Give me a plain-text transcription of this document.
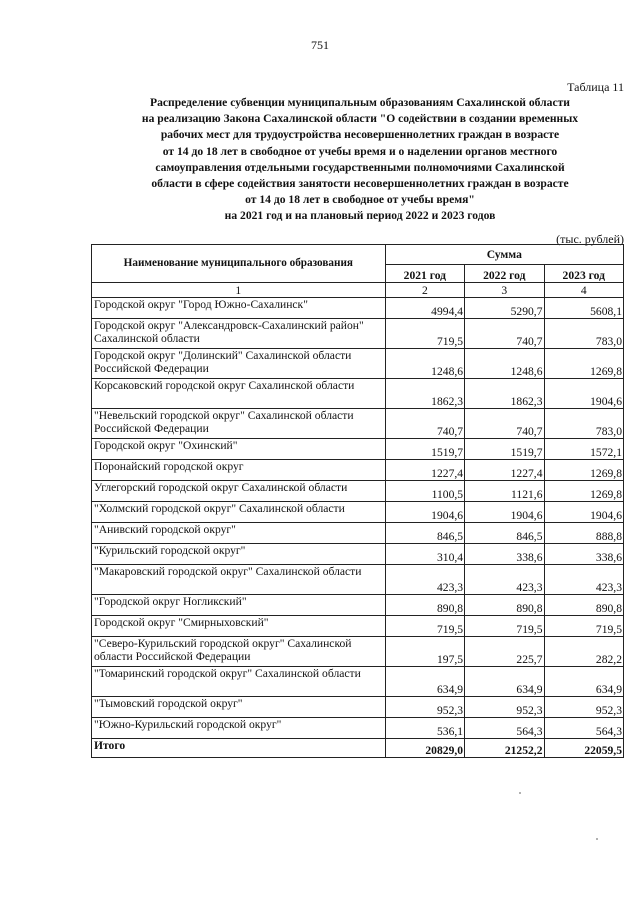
751
Таблица 11
Распределение субвенции муниципальным образованиям Сахалинской области
на реализацию Закона Сахалинской области "О содействии в создании временных
рабочих мест для трудоустройства несовершеннолетних граждан в возрасте
от 14 до 18 лет в свободное от учебы время и о наделении органов местного
самоуправления отдельными государственными полномочиями Сахалинской
области в сфере содействия занятости несовершеннолетних граждан в возрасте
от 14 до 18 лет в свободное от учебы время"
на 2021 год и на плановый период 2022 и 2023 годов
(тыс. рублей)
Наименование муниципального образования	Сумма		
	2021 год	2022 год	2023 год
1	2	3	4
Городской округ "Город Южно-Сахалинск"	4994,4	5290,7	5608,1
Городской округ "Александровск-Сахалинский район" Сахалинской области	719,5	740,7	783,0
Городской округ "Долинский" Сахалинской области Российской Федерации	1248,6	1248,6	1269,8
Корсаковский городской округ Сахалинской области	1862,3	1862,3	1904,6
"Невельский городской округ" Сахалинской области Российской Федерации	740,7	740,7	783,0
Городской округ "Охинский"	1519,7	1519,7	1572,1
Поронайский городской округ	1227,4	1227,4	1269,8
Углегорский городской округ Сахалинской области	1100,5	1121,6	1269,8
"Холмский городской округ" Сахалинской области	1904,6	1904,6	1904,6
"Анивский городской округ"	846,5	846,5	888,8
"Курильский городской округ"	310,4	338,6	338,6
"Макаровский городской округ" Сахалинской области	423,3	423,3	423,3
"Городской округ Ногликский"	890,8	890,8	890,8
Городской округ "Смирныховский"	719,5	719,5	719,5
"Северо-Курильский городской округ" Сахалинской области Российской Федерации	197,5	225,7	282,2
"Томаринский городской округ" Сахалинской области	634,9	634,9	634,9
"Тымовский городской округ"	952,3	952,3	952,3
"Южно-Курильский городской округ"	536,1	564,3	564,3
Итого	20829,0	21252,2	22059,5
